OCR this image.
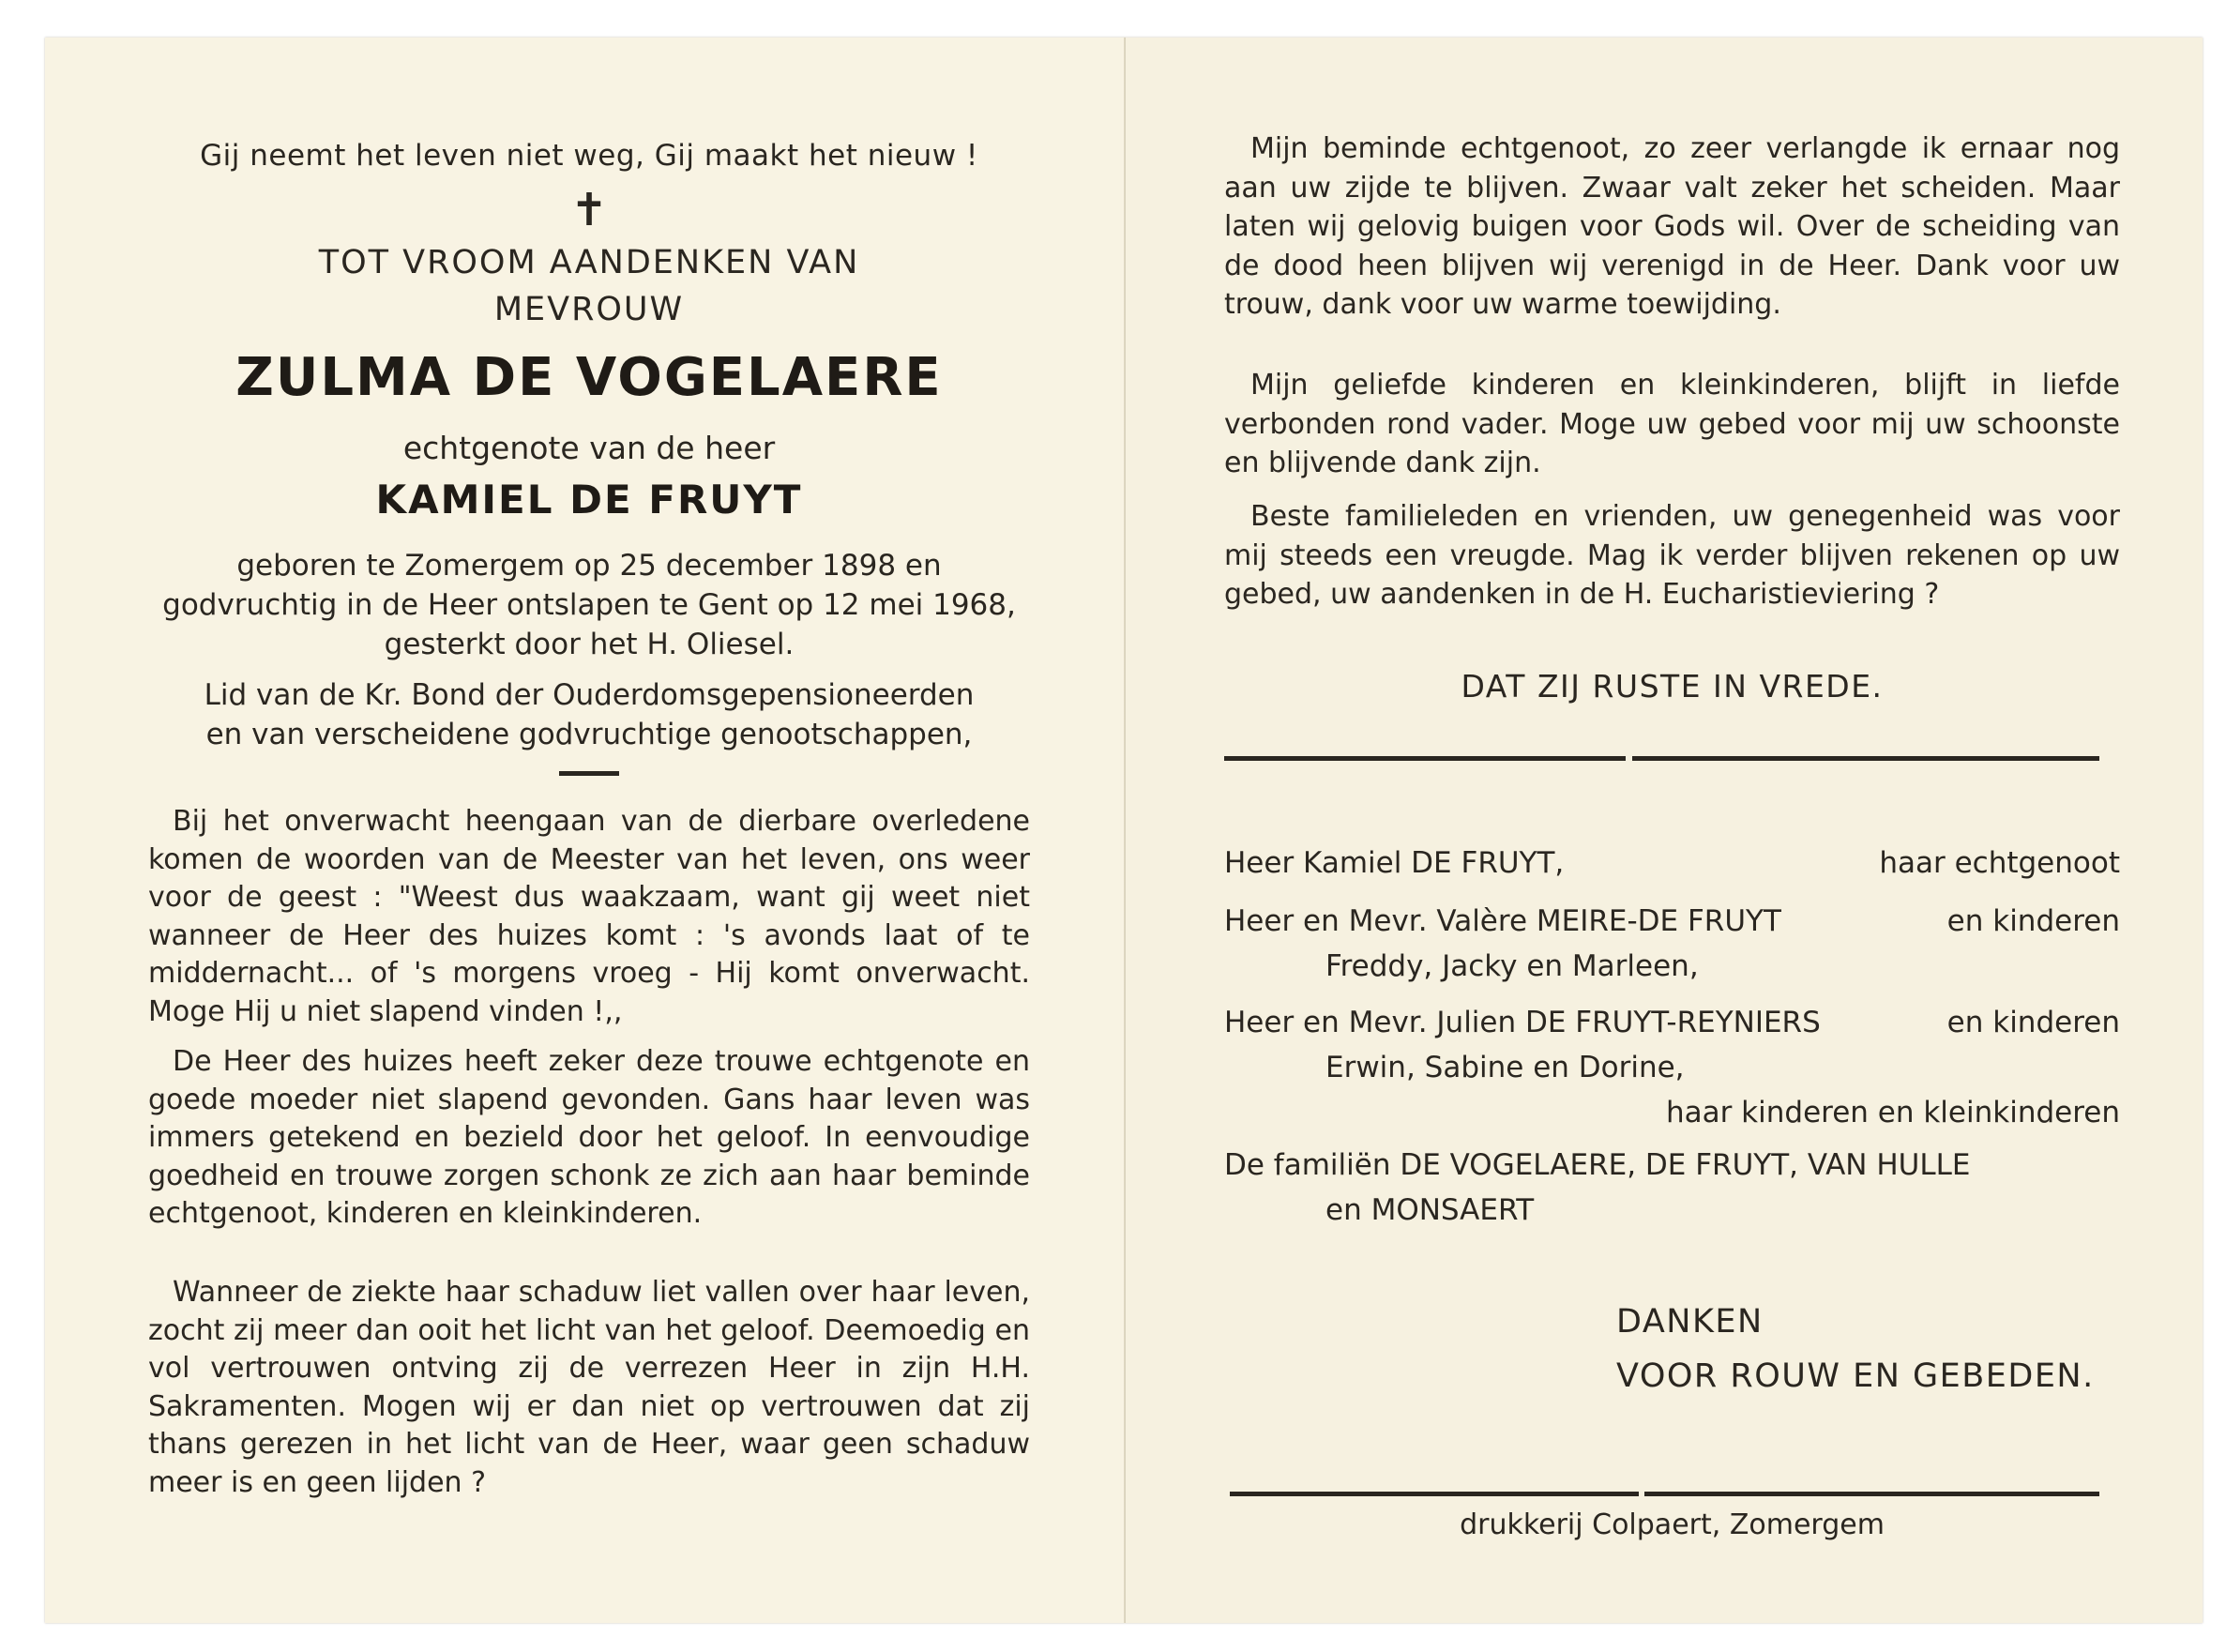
Gij neemt het leven niet weg, Gij maakt het nieuw !
✝
TOT VROOM AANDENKEN VAN
MEVROUW
ZULMA DE VOGELAERE
echtgenote van de heer
KAMIEL DE FRUYT
geboren te Zomergem op 25 december 1898 en
godvruchtig in de Heer ontslapen te Gent op 12 mei 1968,
gesterkt door het H. Oliesel.
Lid van de Kr. Bond der Ouderdomsgepensioneerden
en van verscheidene godvruchtige genootschappen,
Bij het onverwacht heengaan van de dierbare overledene komen de woorden van de Meester van het leven, ons weer voor de geest : "Weest dus waakzaam, want gij weet niet wanneer de Heer des huizes komt : 's avonds laat of te middernacht... of 's morgens vroeg - Hij komt onverwacht. Moge Hij u niet slapend vinden !,,
De Heer des huizes heeft zeker deze trouwe echtgenote en goede moeder niet slapend gevonden. Gans haar leven was immers getekend en bezield door het geloof. In eenvoudige goedheid en trouwe zorgen schonk ze zich aan haar beminde echtgenoot, kinderen en kleinkinderen.
Wanneer de ziekte haar schaduw liet vallen over haar leven, zocht zij meer dan ooit het licht van het geloof. Deemoedig en vol vertrouwen ontving zij de verrezen Heer in zijn H.H. Sakramenten. Mogen wij er dan niet op vertrouwen dat zij thans gerezen in het licht van de Heer, waar geen schaduw meer is en geen lijden ?
Mijn beminde echtgenoot, zo zeer verlangde ik ernaar nog aan uw zijde te blijven. Zwaar valt zeker het scheiden. Maar laten wij gelovig buigen voor Gods wil. Over de scheiding van de dood heen blijven wij verenigd in de Heer. Dank voor uw trouw, dank voor uw warme toewijding.
Mijn geliefde kinderen en kleinkinderen, blijft in liefde verbonden rond vader. Moge uw gebed voor mij uw schoonste en blijvende dank zijn.
Beste familieleden en vrienden, uw genegenheid was voor mij steeds een vreugde. Mag ik verder blijven rekenen op uw gebed, uw aandenken in de H. Eucharistieviering ?
DAT ZIJ RUSTE IN VREDE.
Heer Kamiel DE FRUYT,	haar echtgenoot
Heer en Mevr. Valère MEIRE-DE FRUYT	en kinderen
Freddy, Jacky en Marleen,
Heer en Mevr. Julien DE FRUYT-REYNIERS	en kinderen
Erwin, Sabine en Dorine,
haar kinderen en kleinkinderen
De familiën DE VOGELAERE, DE FRUYT, VAN HULLE
en MONSAERT
DANKEN
VOOR ROUW EN GEBEDEN.
drukkerij Colpaert, Zomergem
